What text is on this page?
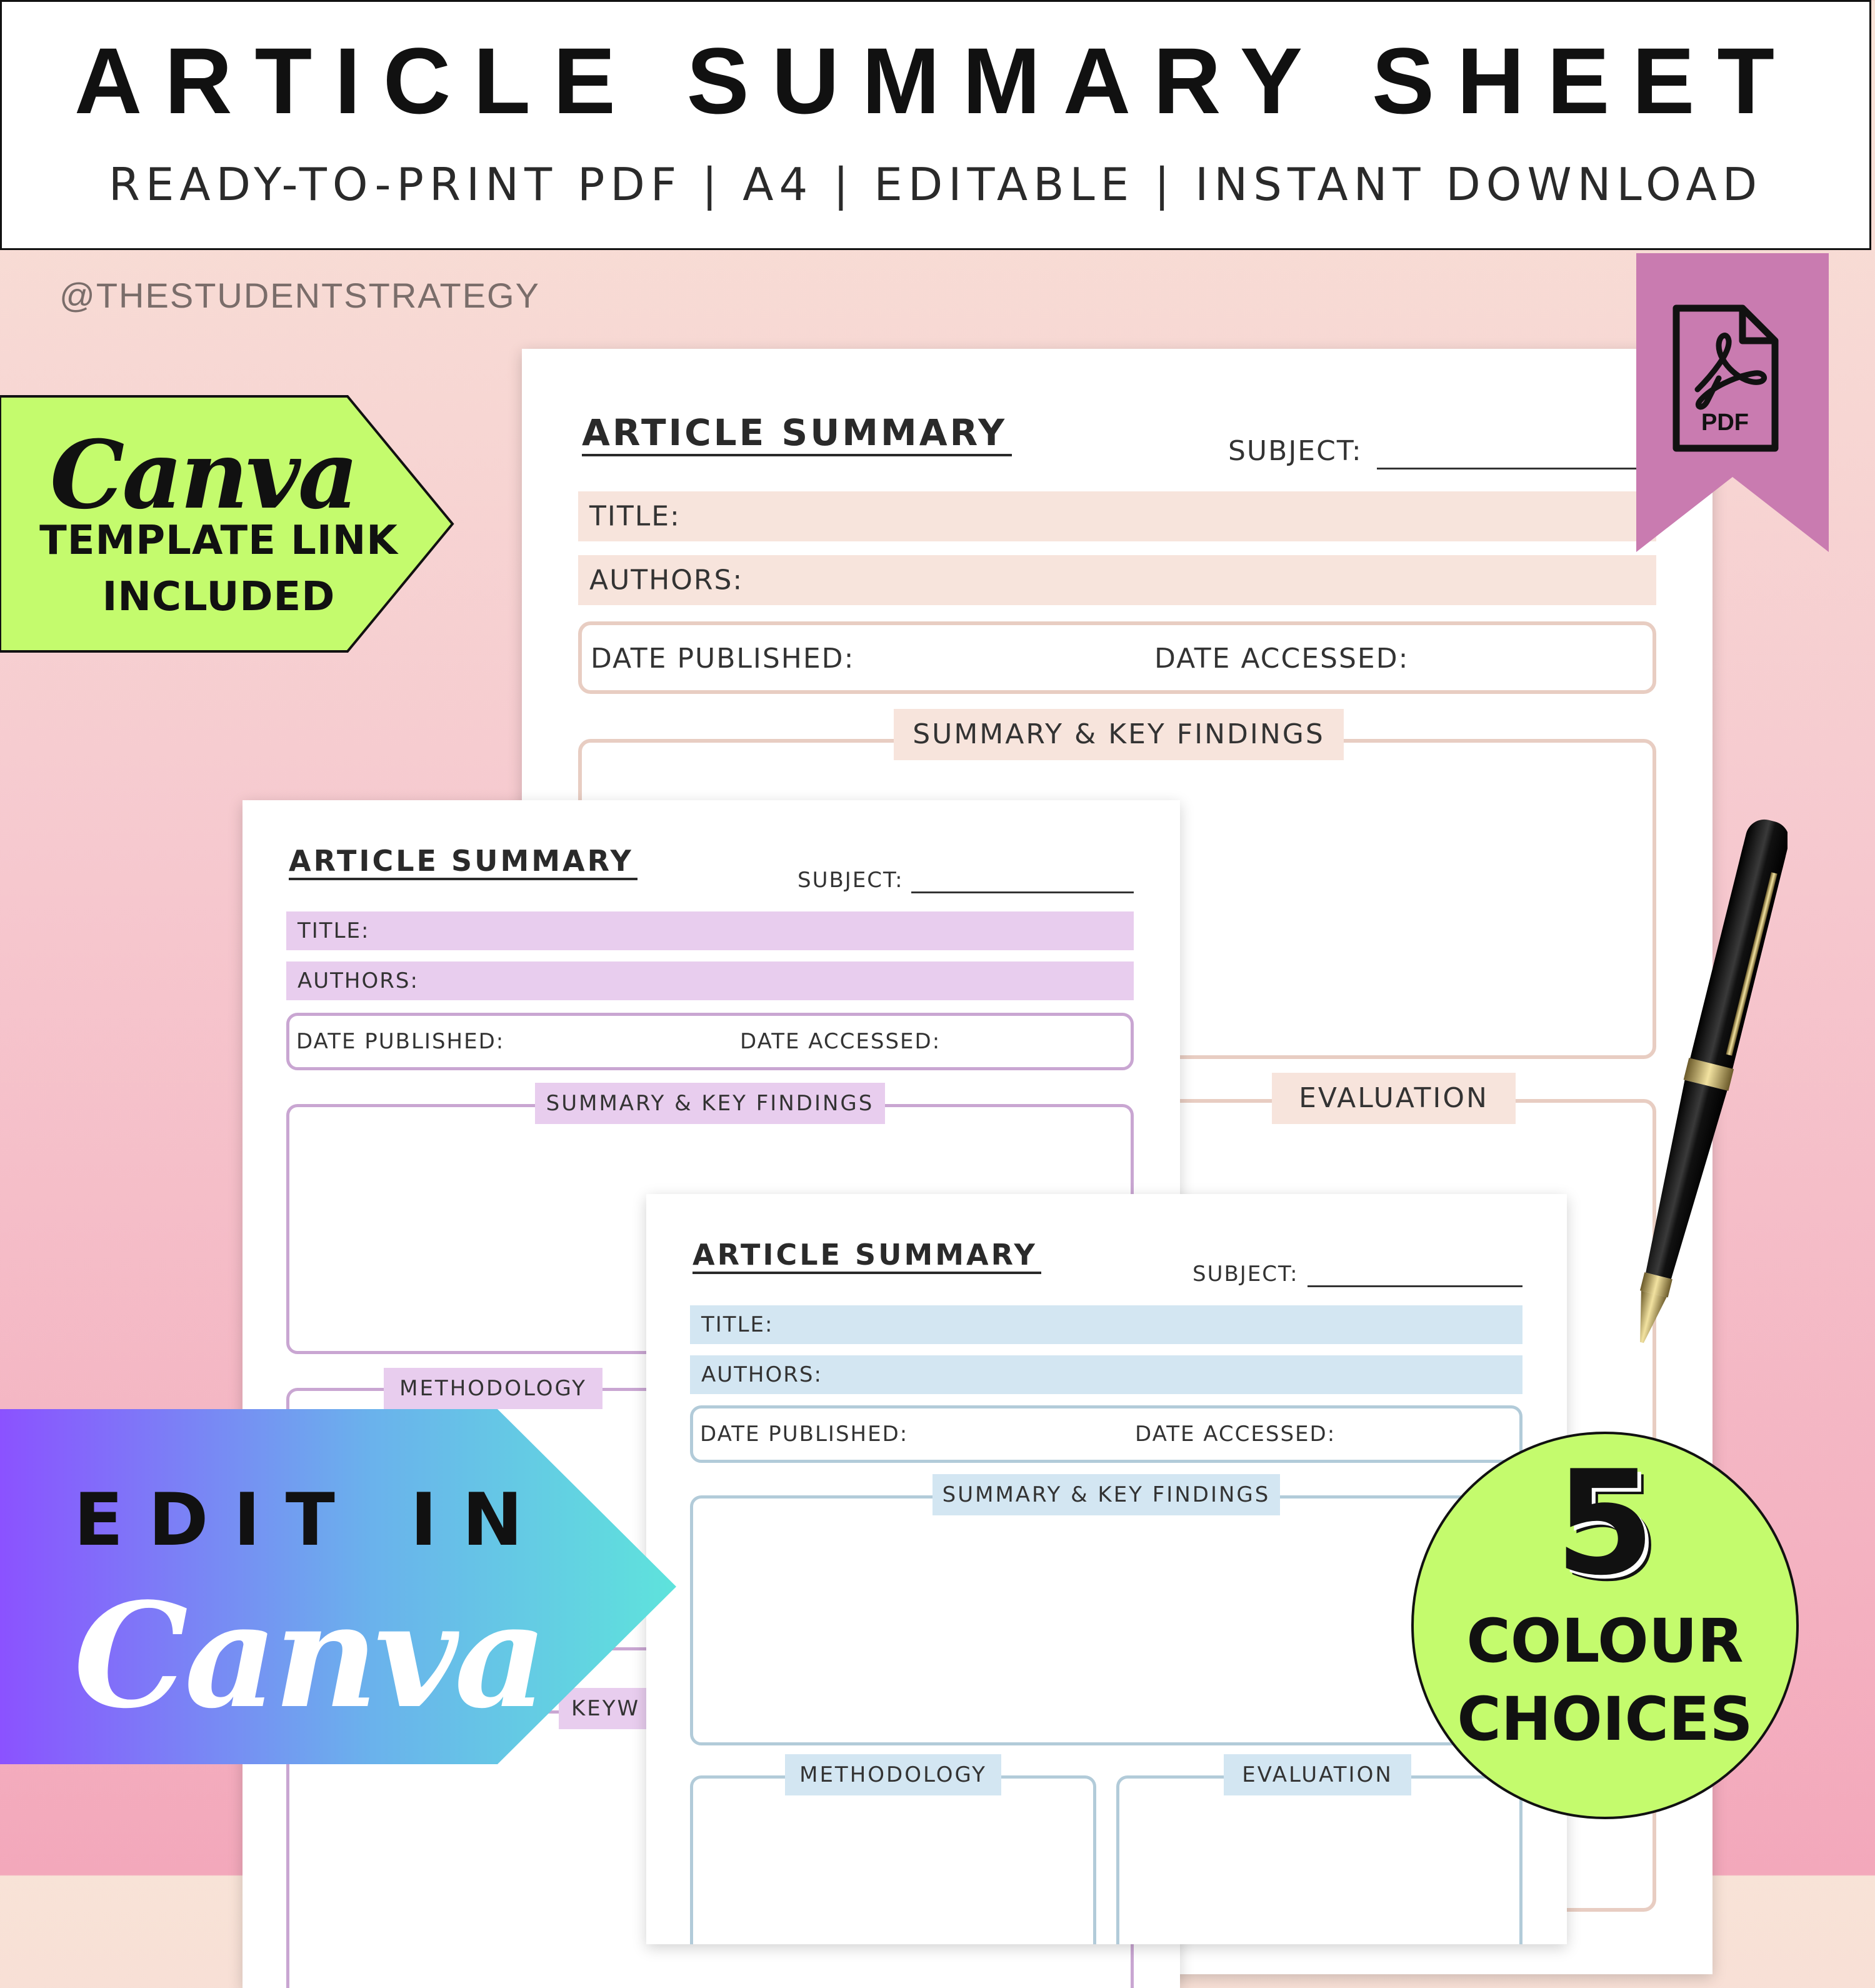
ARTICLE SUMMARY SHEET
READY-TO-PRINT PDF | A4 | EDITABLE | INSTANT DOWNLOAD
@THESTUDENTSTRATEGY
ARTICLE SUMMARY	SUBJECT:
TITLE:
AUTHORS:
DATE PUBLISHED:	DATE ACCESSED:
SUMMARY & KEY FINDINGS
EVALUATION
ARTICLE SUMMARY
SUBJECT:
TITLE:
AUTHORS:
DATE PUBLISHED:	DATE ACCESSED:
SUMMARY & KEY FINDINGS
METHODOLOGY
KEYW
ARTICLE SUMMARY
SUBJECT:
TITLE:
AUTHORS:
DATE PUBLISHED:	DATE ACCESSED:
SUMMARY & KEY FINDINGS
METHODOLOGY	EVALUATION
PDF
Canva
TEMPLATE LINK
INCLUDED
EDIT IN
Canva
5
COLOUR
CHOICES
